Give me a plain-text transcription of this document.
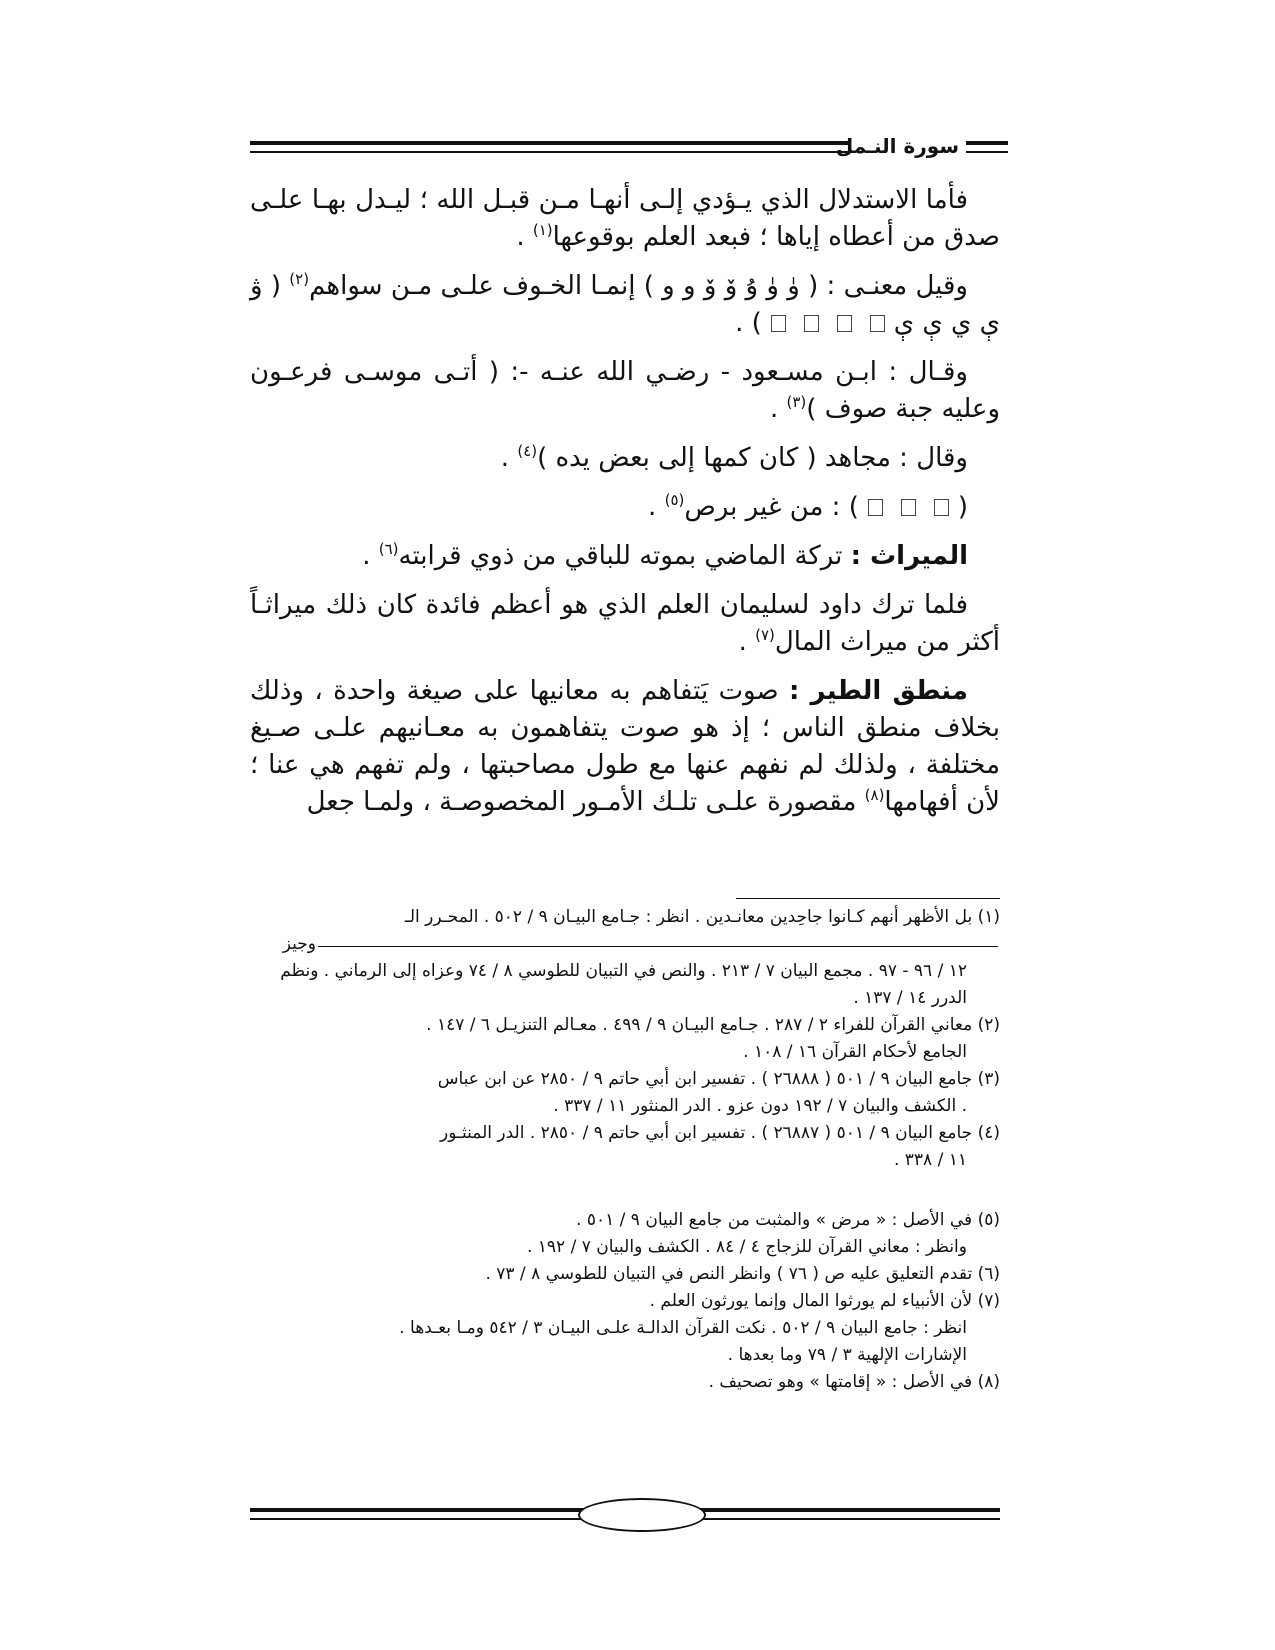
سورة النـمل

فأما الاستدلال الذي يـؤدي إلـى أنهـا مـن قبـل الله ؛ ليـدل بهـا علـى صدق من أعطاه إياها ؛ فبعد العلم بوقوعها$^{(١)}$ .

وقيل معنـى : ( ۈ ۈ ۇ ۆ ۆ و و ) إنمـا الخـوف علـى مـن سواهم$^{(٢)}$ ( ۋ ې ي ې ې) .

وقـال : ابـن مسـعود - رضـي الله عنـه -: ( أتـى موسـى فرعـون وعليه جبة صوف )$^{(٣)}$ .

وقال : مجاهد ( كان كمها إلى بعض يده )$^{(٤)}$ .

() : من غير برص$^{(٥)}$ .

الميراث : تركة الماضي بموته للباقي من ذوي قرابته$^{(٦)}$ .

فلما ترك داود لسليمان العلم الذي هو أعظم فائدة كان ذلك ميراثـاً أكثر من ميراث المال$^{(٧)}$ .

منطق الطير : صوت يَتفاهم به معانيها على صيغة واحدة ، وذلك بخلاف منطق الناس ؛ إذ هو صوت يتفاهمون به معـانيهم علـى صـيغ مختلفة ، ولذلك لم نفهم عنها مع طول مصاحبتها ، ولم تفهم هي عنا ؛ لأن أفهامها$^{(٨)}$ مقصورة علـى تلـك الأمـور المخصوصـة ، ولمـا جعل

(١) بل الأظهر أنهم كـانوا جاحِدين معانـدين . انظر : جـامع البيـان ٩ / ٥٠٢ . المحـرر الـوجيز
١٢ / ٩٦ - ٩٧ . مجمع البيان ٧ / ٢١٣ . والنص في التبيان للطوسي ٨ / ٧٤ وعزاه إلى الرماني . ونظم الدرر ١٤ / ١٣٧ .
(٢) معاني القرآن للفراء ٢ / ٢٨٧ . جـامع البيـان ٩ / ٤٩٩ . معـالم التنزيـل ٦ / ١٤٧ .
الجامع لأحكام القرآن ١٦ / ١٠٨ .
(٣) جامع البيان ٩ / ٥٠١ ( ٢٦٨٨٨ ) . تفسير ابن أبي حاتم ٩ / ٢٨٥٠ عن ابن عباس
. الكشف والبيان ٧ / ١٩٢ دون عزو . الدر المنثور ١١ / ٣٣٧ .
(٤) جامع البيان ٩ / ٥٠١ ( ٢٦٨٨٧ ) . تفسير ابن أبي حاتم ٩ / ٢٨٥٠ . الدر المنثـور
١١ / ٣٣٨ .
(٥) في الأصل : « مرض » والمثبت من جامع البيان ٩ / ٥٠١ .
وانظر : معاني القرآن للزجاج ٤ / ٨٤ . الكشف والبيان ٧ / ١٩٢ .
(٦) تقدم التعليق عليه ص ( ٧٦ ) وانظر النص في التبيان للطوسي ٨ / ٧٣ .
(٧) لأن الأنبياء لم يورثوا المال وإنما يورثون العلم .
انظر : جامع البيان ٩ / ٥٠٢ . نكت القرآن الدالـة علـى البيـان ٣ / ٥٤٢ ومـا بعـدها .
الإشارات الإلهية ٣ / ٧٩ وما بعدها .
(٨) في الأصل : « إقامتها » وهو تصحيف .
